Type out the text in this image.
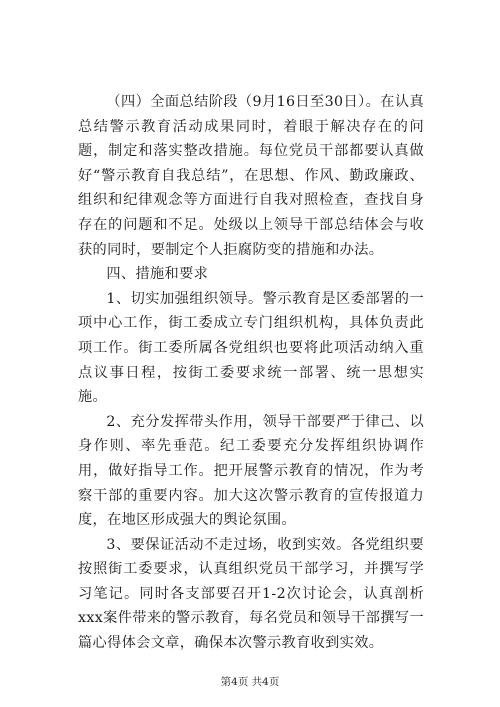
（四）全面总结阶段（9月16日至30日）。在认真总结警示教育活动成果同时，着眼于解决存在的问题，制定和落实整改措施。每位党员干部都要认真做好“警示教育自我总结”，在思想、作风、勤政廉政、组织和纪律观念等方面进行自我对照检查，查找自身存在的问题和不足。处级以上领导干部总结体会与收获的同时，要制定个人拒腐防变的措施和办法。

四、措施和要求

1、切实加强组织领导。警示教育是区委部署的一项中心工作，街工委成立专门组织机构，具体负责此项工作。街工委所属各党组织也要将此项活动纳入重点议事日程，按街工委要求统一部署、统一思想实施。

2、充分发挥带头作用，领导干部要严于律己、以身作则、率先垂范。纪工委要充分发挥组织协调作用，做好指导工作。把开展警示教育的情况，作为考察干部的重要内容。加大这次警示教育的宣传报道力度，在地区形成强大的舆论氛围。

3、要保证活动不走过场，收到实效。各党组织要按照街工委要求，认真组织党员干部学习，并撰写学习笔记。同时各支部要召开1-2次讨论会，认真剖析xxx案件带来的警示教育，每名党员和领导干部撰写一篇心得体会文章，确保本次警示教育收到实效。

第4页 共4页
